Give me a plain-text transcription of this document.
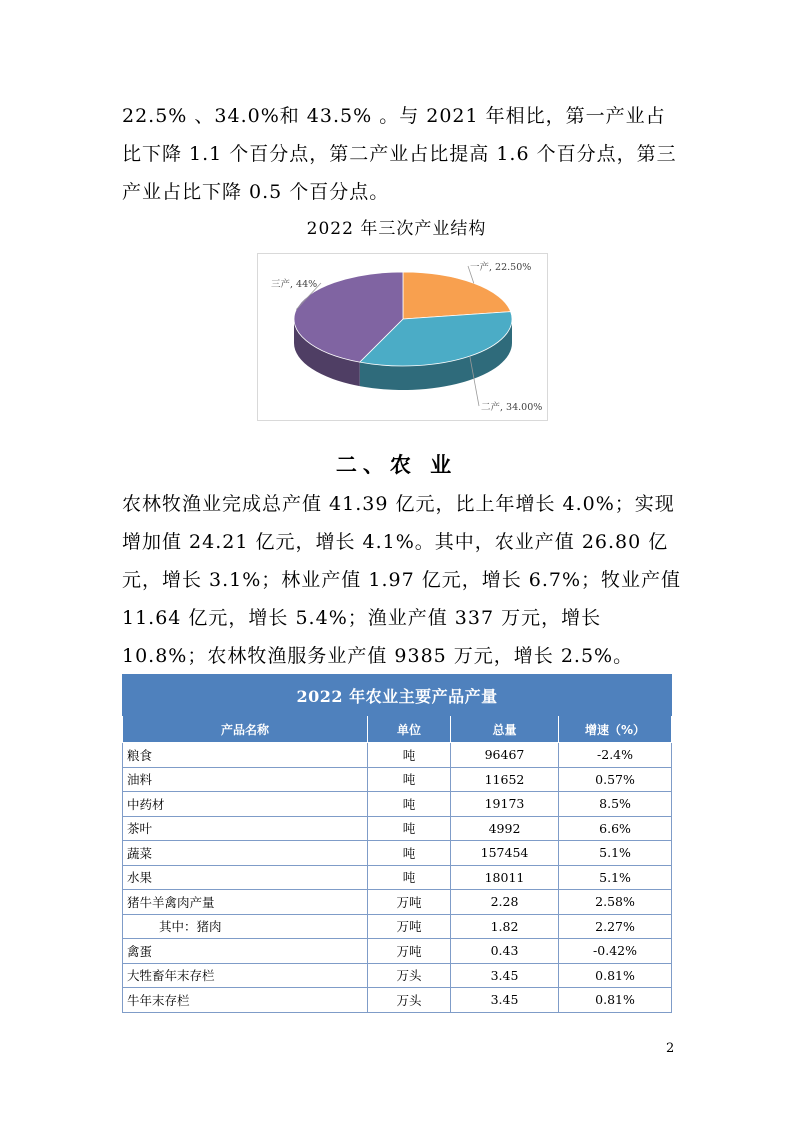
22.5% 、34.0%和 43.5% 。与 2021 年相比，第一产业占比下降 1.1 个百分点，第二产业占比提高 1.6 个百分点，第三产业占比下降 0.5 个百分点。

2022 年三次产业结构
一产, 22.50%
二产, 34.00%
三产, 44%
二、农 业

农林牧渔业完成总产值 41.39 亿元，比上年增长 4.0%；实现增加值 24.21 亿元，增长 4.1%。其中，农业产值 26.80 亿元，增长 3.1%；林业产值 1.97 亿元，增长 6.7%；牧业产值 11.64 亿元，增长 5.4%；渔业产值 337 万元，增长 10.8%；农林牧渔服务业产值 9385 万元，增长 2.5%。

2022 年农业主要产品产量			
产品名称	单位	总量	增速（%）
粮食	吨	96467	-2.4%
油料	吨	11652	0.57%
中药材	吨	19173	8.5%
茶叶	吨	4992	6.6%
蔬菜	吨	157454	5.1%
水果	吨	18011	5.1%
猪牛羊禽肉产量	万吨	2.28	2.58%
其中：猪肉	万吨	1.82	2.27%
禽蛋	万吨	0.43	-0.42%
大牲畜年末存栏	万头	3.45	0.81%
牛年末存栏	万头	3.45	0.81%
2
